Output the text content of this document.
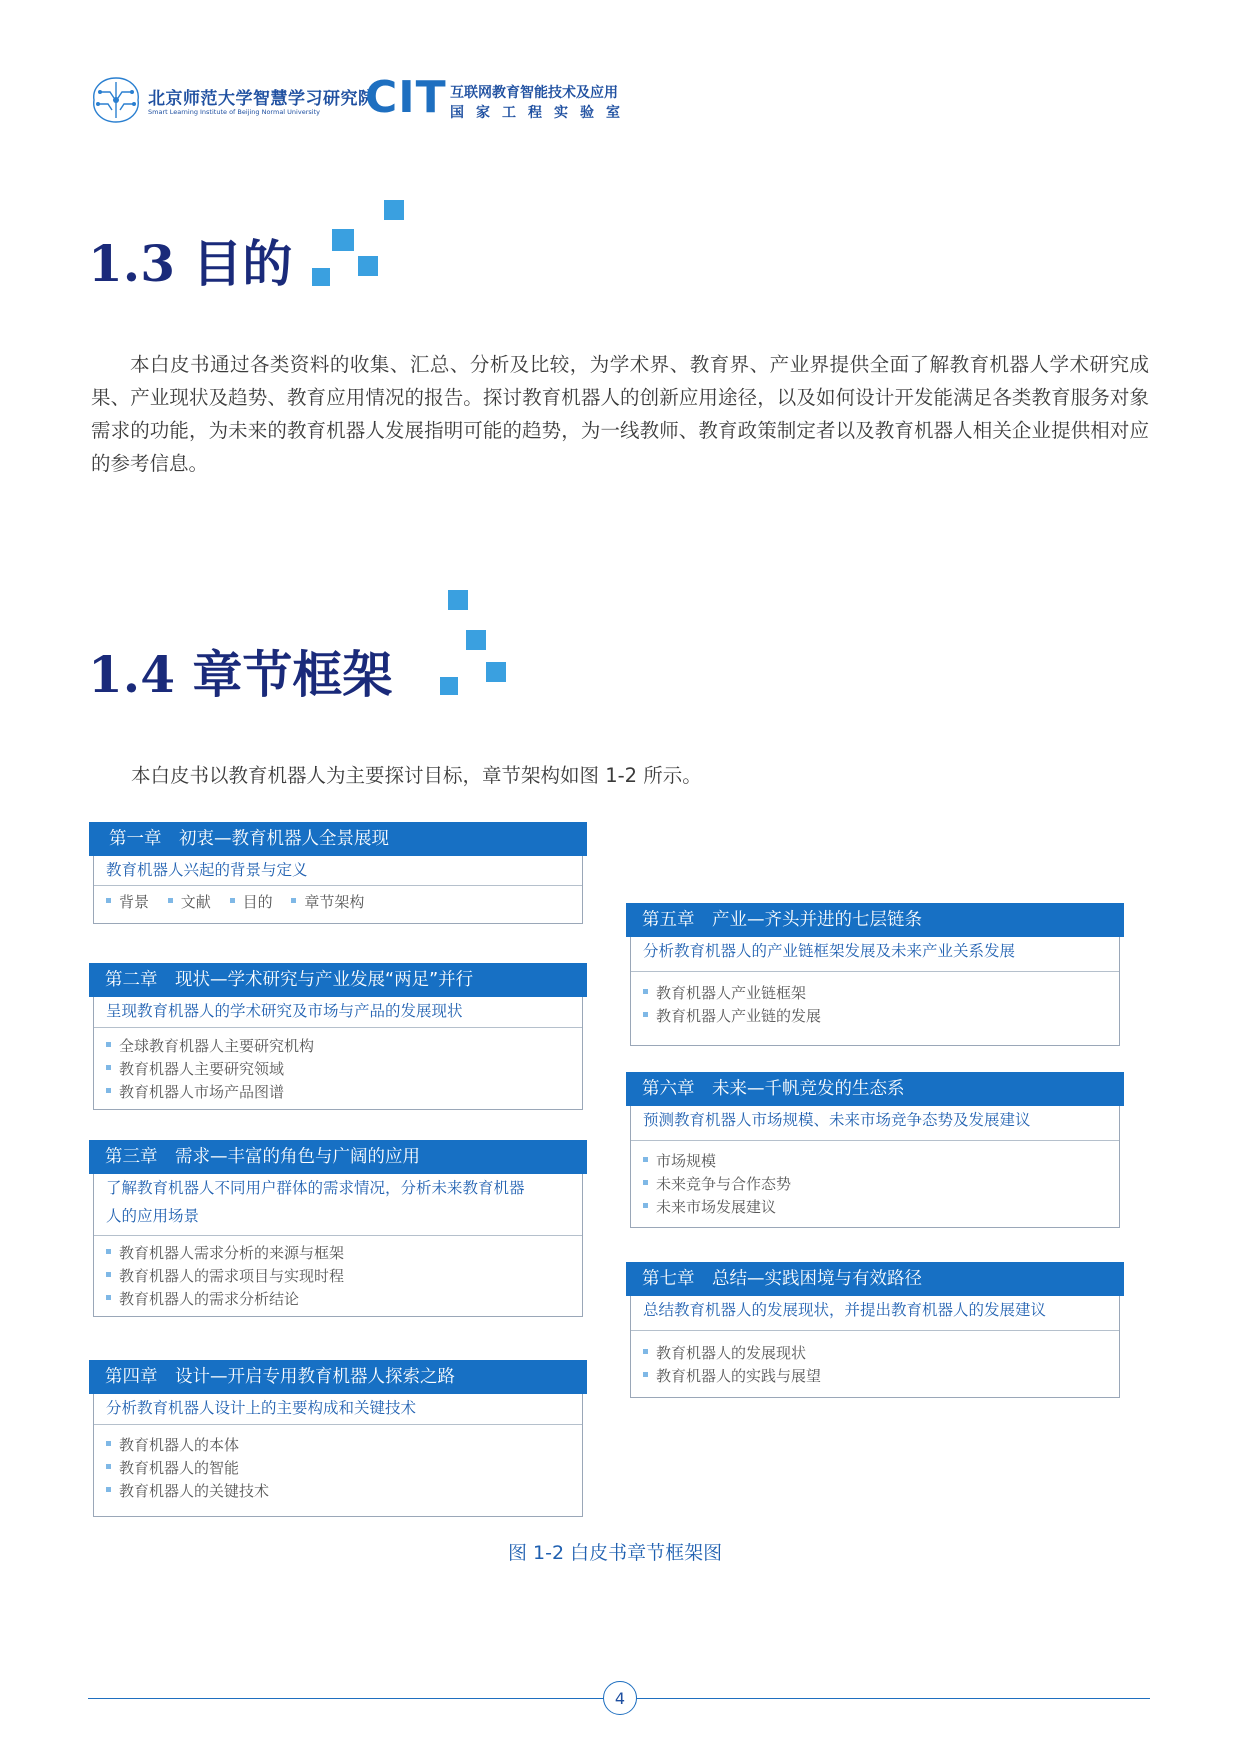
北京师范大学智慧学习研究院
Smart Learning Institute of Beijing Normal University CIT 互联网教育智能技术及应用
国家工程实验室
1.3 目的
本白皮书通过各类资料的收集、汇总、分析及比较，为学术界、教育界、产业界提供全面了解教育机器人学术研究成果、产业现状及趋势、教育应用情况的报告。探讨教育机器人的创新应用途径，以及如何设计开发能满足各类教育服务对象需求的功能，为未来的教育机器人发展指明可能的趋势，为一线教师、教育政策制定者以及教育机器人相关企业提供相对应的参考信息。
1.4 章节框架
本白皮书以教育机器人为主要探讨目标，章节架构如图 1-2 所示。
第一章　初衷—教育机器人全景展现
教育机器人兴起的背景与定义
背景 文献 目的 章节架构
第二章　现状—学术研究与产业发展“两足”并行
呈现教育机器人的学术研究及市场与产品的发展现状
全球教育机器人主要研究机构
教育机器人主要研究领域
教育机器人市场产品图谱
第三章　需求—丰富的角色与广阔的应用
了解教育机器人不同用户群体的需求情况，分析未来教育机器
人的应用场景
教育机器人需求分析的来源与框架
教育机器人的需求项目与实现时程
教育机器人的需求分析结论
第四章　设计—开启专用教育机器人探索之路
分析教育机器人设计上的主要构成和关键技术
教育机器人的本体
教育机器人的智能
教育机器人的关键技术
第五章　产业—齐头并进的七层链条
分析教育机器人的产业链框架发展及未来产业关系发展
教育机器人产业链框架
教育机器人产业链的发展
第六章　未来—千帆竞发的生态系
预测教育机器人市场规模、未来市场竞争态势及发展建议
市场规模
未来竞争与合作态势
未来市场发展建议
第七章　总结—实践困境与有效路径
总结教育机器人的发展现状，并提出教育机器人的发展建议
教育机器人的发展现状
教育机器人的实践与展望
图 1-2 白皮书章节框架图
4
